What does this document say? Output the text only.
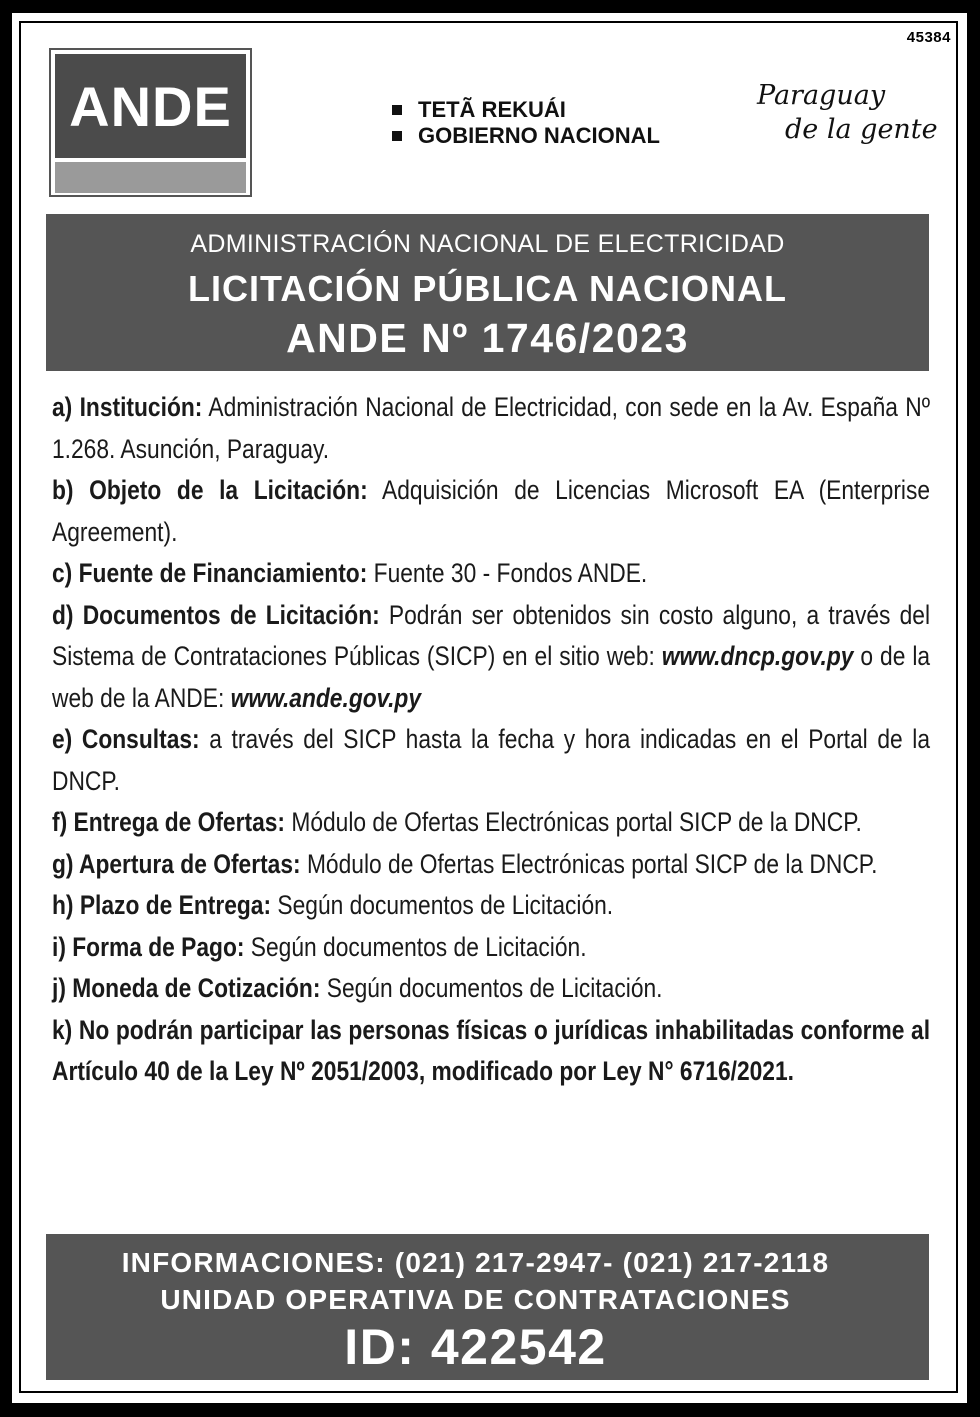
45384
ANDE	TETÃ REKUÁI
GOBIERNO NACIONAL
Paraguay
de la gente
ADMINISTRACIÓN NACIONAL DE ELECTRICIDAD
LICITACIÓN PÚBLICA NACIONAL
ANDE Nº 1746/2023

a) Institución: Administración Nacional de Electricidad, con sede en la Av. España Nº 1.268. Asunción, Paraguay.

b) Objeto de la Licitación: Adquisición de Licencias Microsoft EA (Enterprise Agreement).

c) Fuente de Financiamiento: Fuente 30 - Fondos ANDE.

d) Documentos de Licitación: Podrán ser obtenidos sin costo alguno, a través del Sistema de Contrataciones Públicas (SICP) en el sitio web: www.dncp.gov.py o de la web de la ANDE: www.ande.gov.py

e) Consultas: a través del SICP hasta la fecha y hora indicadas en el Portal de la DNCP.

f) Entrega de Ofertas: Módulo de Ofertas Electrónicas portal SICP de la DNCP.

g) Apertura de Ofertas: Módulo de Ofertas Electrónicas portal SICP de la DNCP.

h) Plazo de Entrega: Según documentos de Licitación.

i) Forma de Pago: Según documentos de Licitación.

j) Moneda de Cotización: Según documentos de Licitación.

k) No podrán participar las personas físicas o jurídicas inhabilitadas conforme al Artículo 40 de la Ley Nº 2051/2003, modificado por Ley N° 6716/2021.

INFORMACIONES: (021) 217-2947- (021) 217-2118
UNIDAD OPERATIVA DE CONTRATACIONES
ID: 422542
